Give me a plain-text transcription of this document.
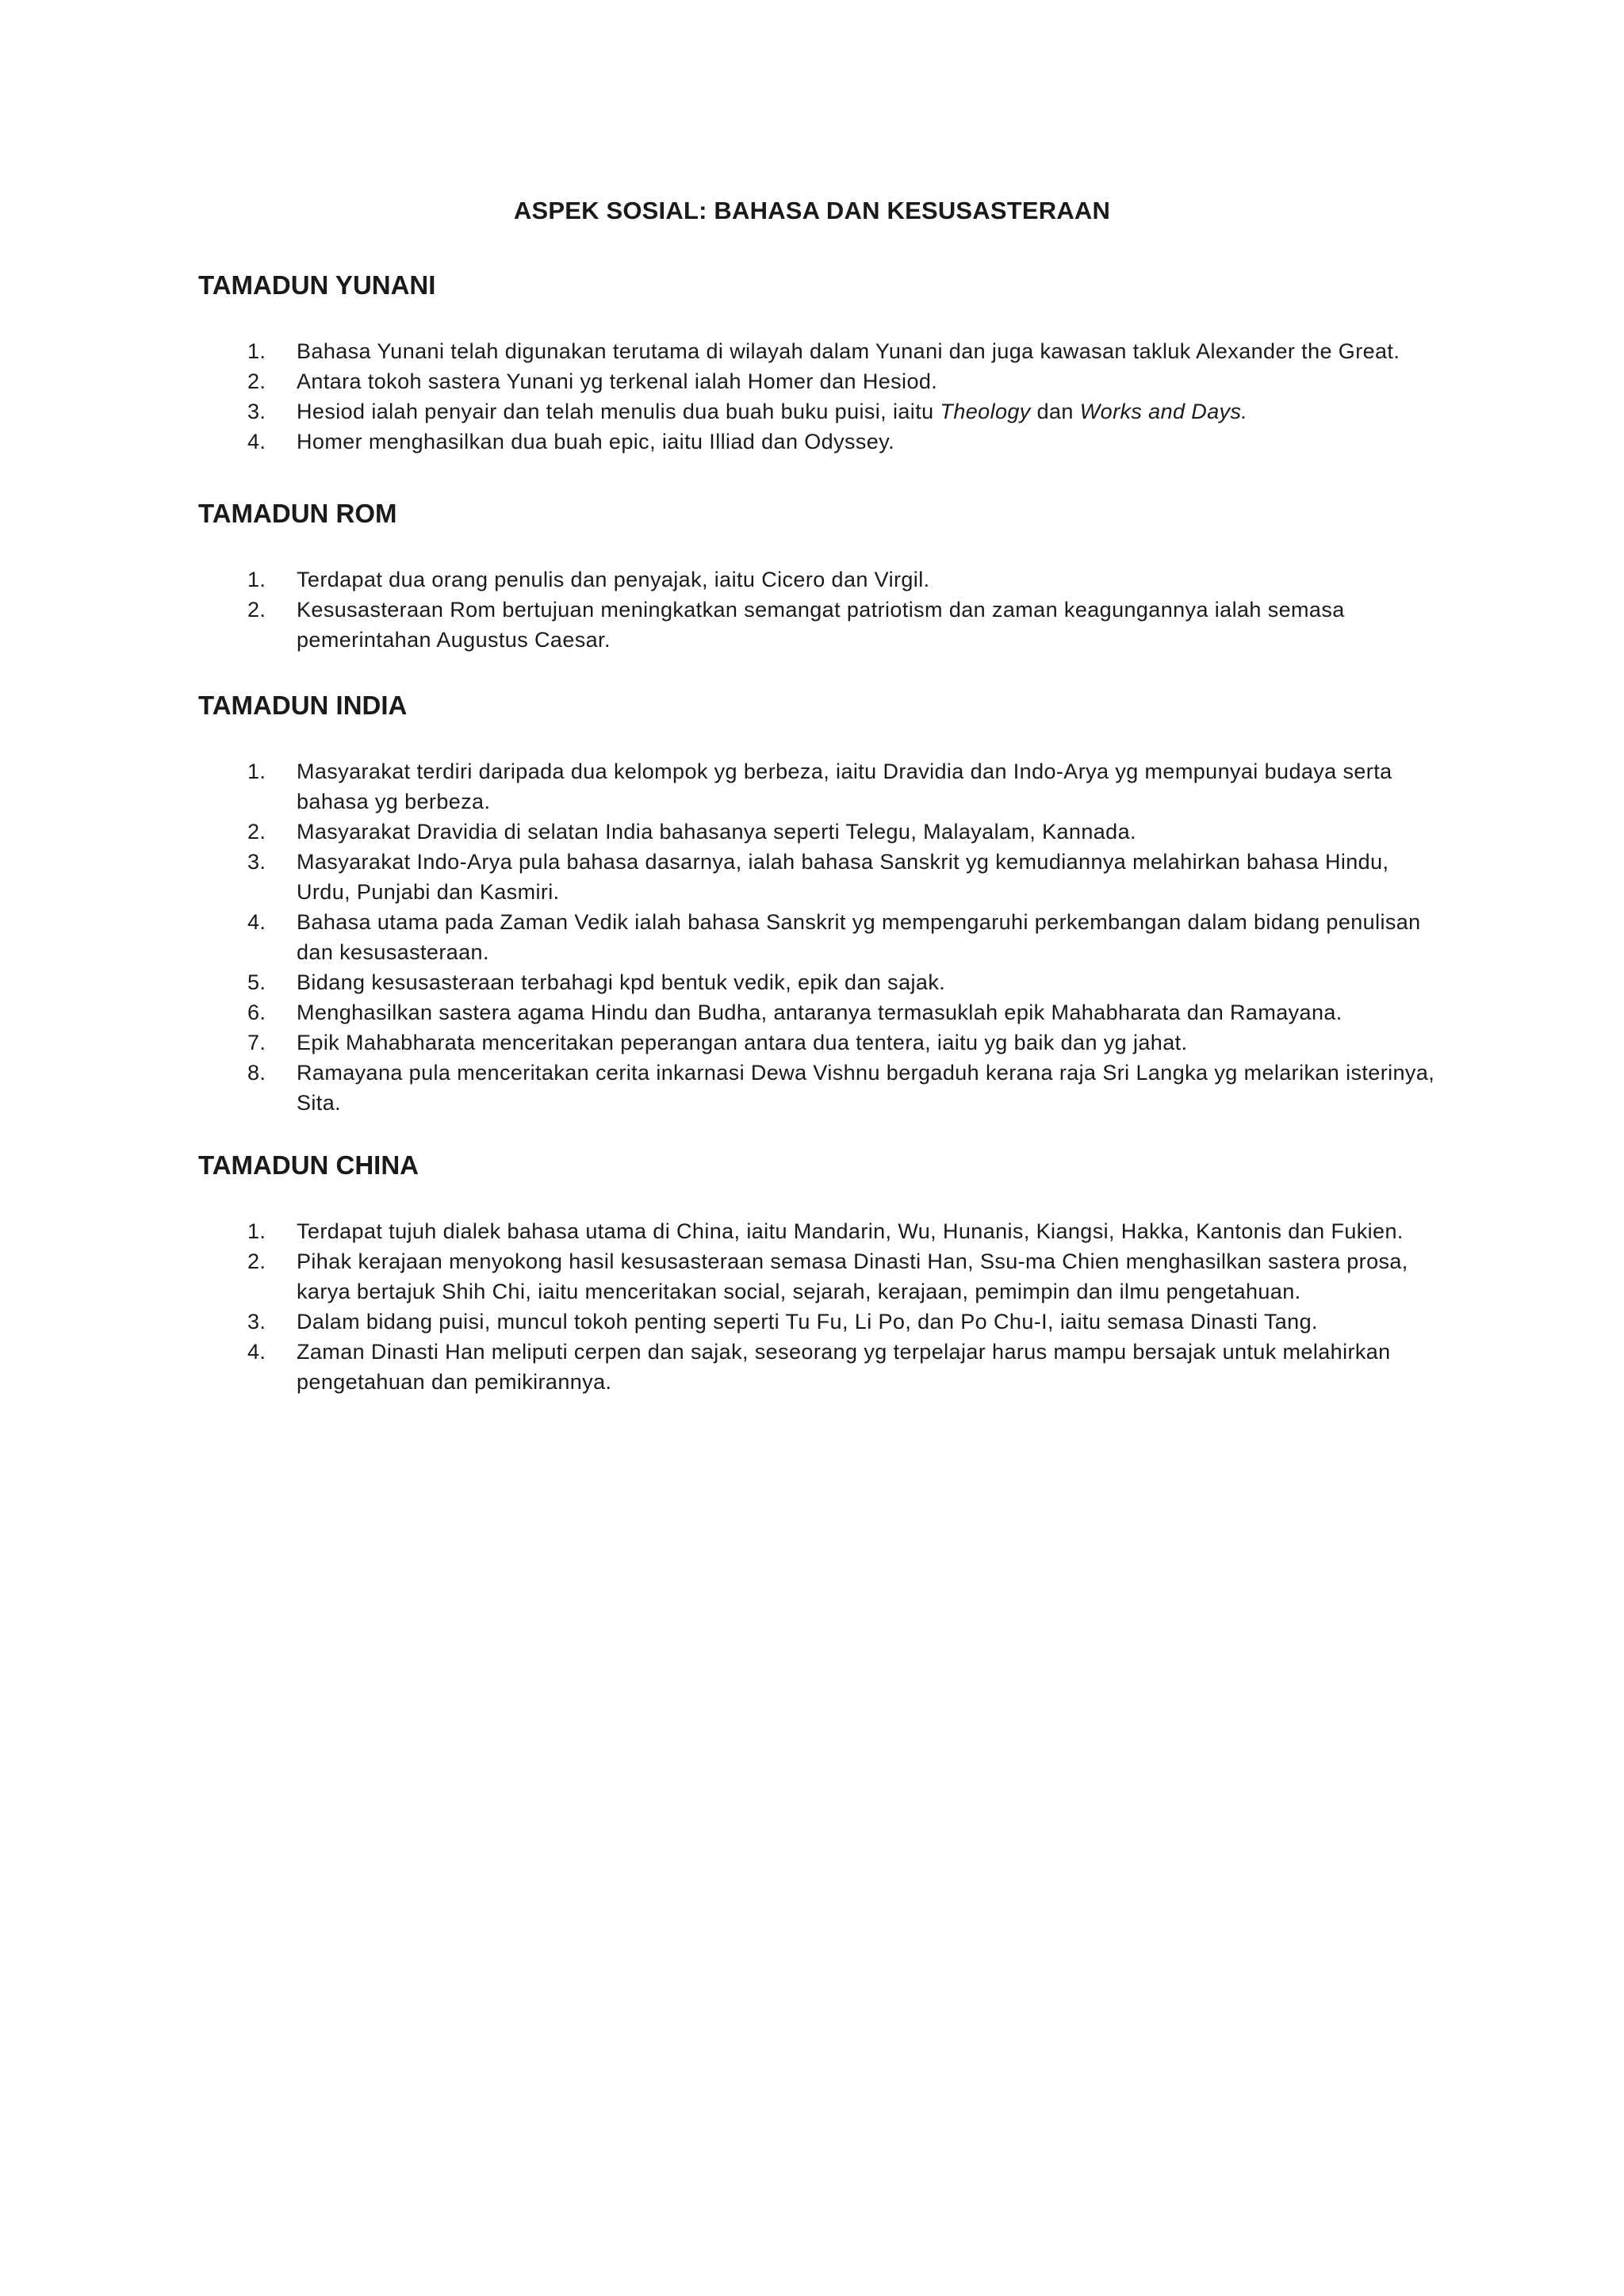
ASPEK SOSIAL: BAHASA DAN KESUSASTERAAN
TAMADUN YUNANI
1. Bahasa Yunani telah digunakan terutama di wilayah dalam Yunani dan juga kawasan takluk Alexander the Great.
2. Antara tokoh sastera Yunani yg terkenal ialah Homer dan Hesiod.
3. Hesiod ialah penyair dan telah menulis dua buah buku puisi, iaitu Theology dan Works and Days.
4. Homer menghasilkan dua buah epic, iaitu Illiad dan Odyssey.
TAMADUN ROM
1. Terdapat dua orang penulis dan penyajak, iaitu Cicero dan Virgil.
2. Kesusasteraan Rom bertujuan meningkatkan semangat patriotism dan zaman keagungannya ialah semasa pemerintahan Augustus Caesar.
TAMADUN INDIA
1. Masyarakat terdiri daripada dua kelompok yg berbeza, iaitu Dravidia dan Indo-Arya yg mempunyai budaya serta bahasa yg berbeza.
2. Masyarakat Dravidia di selatan India bahasanya seperti Telegu, Malayalam, Kannada.
3. Masyarakat Indo-Arya pula bahasa dasarnya, ialah bahasa Sanskrit yg kemudiannya melahirkan bahasa Hindu, Urdu, Punjabi dan Kasmiri.
4. Bahasa utama pada Zaman Vedik ialah bahasa Sanskrit yg mempengaruhi perkembangan dalam bidang penulisan dan kesusasteraan.
5. Bidang kesusasteraan terbahagi kpd bentuk vedik, epik dan sajak.
6. Menghasilkan sastera agama Hindu dan Budha, antaranya termasuklah epik Mahabharata dan Ramayana.
7. Epik Mahabharata menceritakan peperangan antara dua tentera, iaitu yg baik dan yg jahat.
8. Ramayana pula menceritakan cerita inkarnasi Dewa Vishnu bergaduh kerana raja Sri Langka yg melarikan isterinya, Sita.
TAMADUN CHINA
1. Terdapat tujuh dialek bahasa utama di China, iaitu Mandarin, Wu, Hunanis, Kiangsi, Hakka, Kantonis dan Fukien.
2. Pihak kerajaan menyokong hasil kesusasteraan semasa Dinasti Han, Ssu-ma Chien menghasilkan sastera prosa, karya bertajuk Shih Chi, iaitu menceritakan social, sejarah, kerajaan, pemimpin dan ilmu pengetahuan.
3. Dalam bidang puisi, muncul tokoh penting seperti Tu Fu, Li Po, dan Po Chu-I, iaitu semasa Dinasti Tang.
4. Zaman Dinasti Han meliputi cerpen dan sajak, seseorang yg terpelajar harus mampu bersajak untuk melahirkan pengetahuan dan pemikirannya.
